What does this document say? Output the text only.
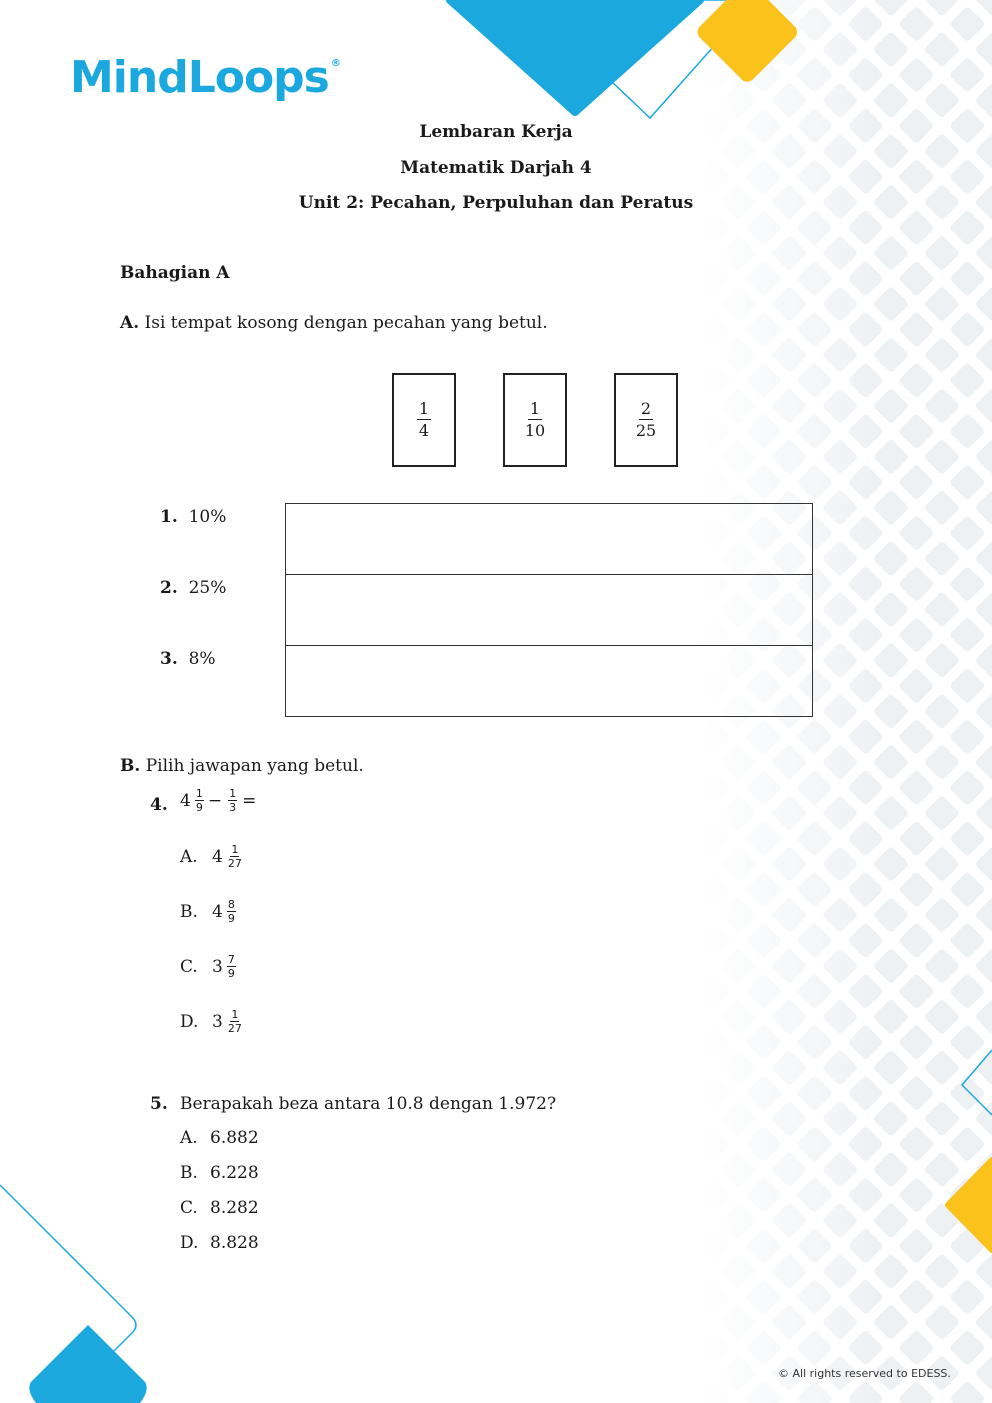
MindLoops ®
Lembaran Kerja
Matematik Darjah 4
Unit 2: Pecahan, Perpuluhan dan Peratus
Bahagian A
A. Isi tempat kosong dengan pecahan yang betul.
$\frac{1}{4}$	$\frac{1}{10}$	$\frac{2}{25}$
1. 10%
2. 25%
3. 8%
B. Pilih jawapan yang betul.
4. $4 \frac{1}{9} - \frac{1}{3}$ =
A. $4 \frac{1}{27}$
B. $4 \frac{8}{9}$
C. $3 \frac{7}{9}$
D. $3 \frac{1}{27}$
5. Berapakah beza antara 10.8 dengan 1.972?
A. 6.882
B. 6.228
C. 8.282
D. 8.828
© All rights reserved to EDESS.
